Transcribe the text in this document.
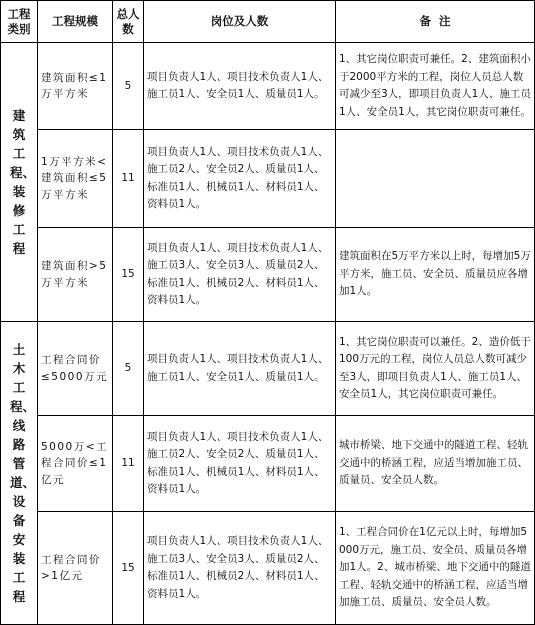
工程类别	工程规模	总人数	岗位及人数	备  注
建筑工程、装修工程	建筑面积≤1万平方米	5	项目负责人1人、项目技术负责人1人、施工员1人、安全员1人、质量员1人。	1、其它岗位职责可兼任。2、建筑面积小于2000平方米的工程，岗位人员总人数可减少至3人，即项目负责人1人、施工员1人、安全员1人，其它岗位职责可兼任。
	1万平方米<建筑面积≤5万平方米	11	项目负责人1人、项目技术负责人1人、施工员2人、安全员2人、质量员1人、标准员1人、机械员1人、材料员1人、资料员1人。	
	建筑面积>5万平方米	15	项目负责人1人、项目技术负责人1人、施工员3人、安全员3人、质量员2人、标准员1人、机械员2人、材料员1人、资料员1人。	建筑面积在5万平方米以上时，每增加5万平方米，施工员、安全员、质量员应各增加1人。
土木工程、线路管道、设备安装工程	工程合同价≤5000万元	5	项目负责人1人、项目技术负责人1人、施工员1人、安全员1人、质量员1人。	1、其它岗位职责可以兼任。2、造价低于100万元的工程，岗位人员总人数可减少至3人，即项目负责人1人、施工员1人、安全员1人，其它岗位职责可兼任。
	5000万<工程合同价≤1亿元	11	项目负责人1人、项目技术负责人1人、施工员2人、安全员2人、质量员1人、标准员1人、机械员1人、材料员1人、资料员1人。	城市桥梁、地下交通中的隧道工程、轻轨交通中的桥涵工程，应适当增加施工员、质量员、安全员人数。
	工程合同价>1亿元	15	项目负责人1人、项目技术负责人1人、施工员3人、安全员3人、质量员2人、标准员1人、机械员2人、材料员1人、资料员1人。	1、工程合同价在1亿元以上时，每增加5000万元，施工员、安全员、质量员各增加1人。2、城市桥梁、地下交通中的隧道工程、轻轨交通中的桥涵工程，应适当增加施工员、质量员、安全员人数。
